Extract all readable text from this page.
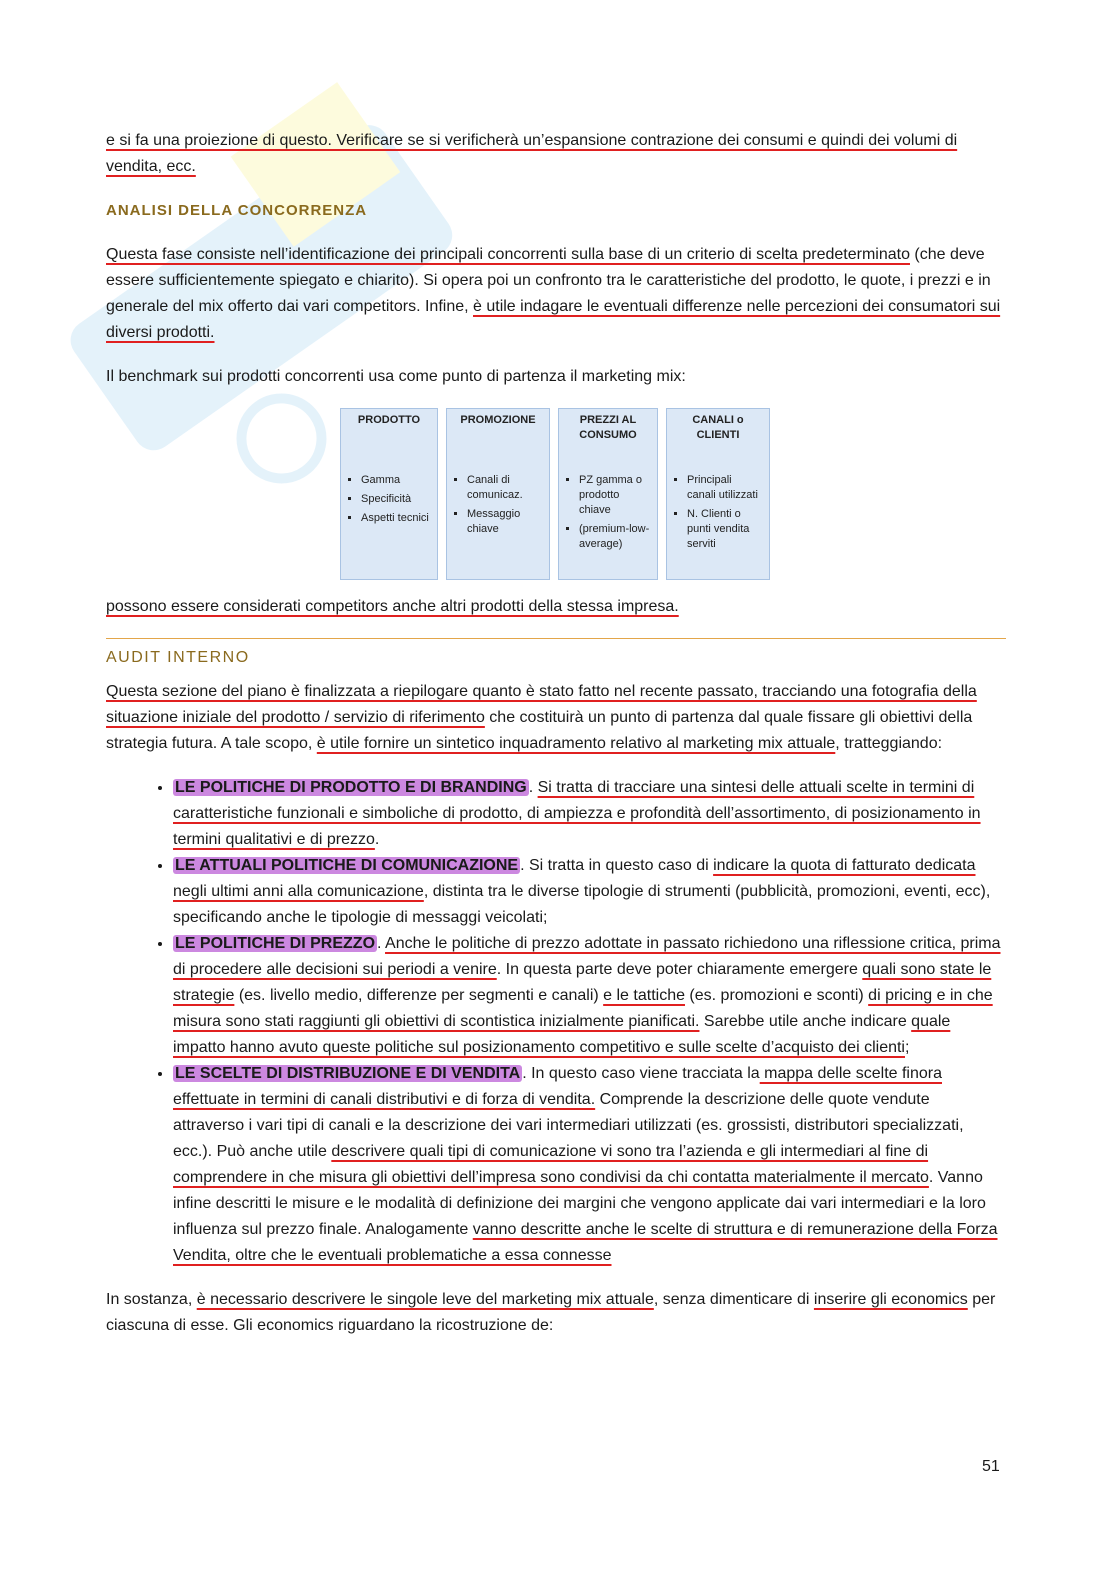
e si fa una proiezione di questo. Verificare se si verificherà un’espansione contrazione dei consumi e quindi dei volumi di vendita, ecc.

ANALISI DELLA CONCORRENZA

Questa fase consiste nell’identificazione dei principali concorrenti sulla base di un criterio di scelta predeterminato (che deve essere sufficientemente spiegato e chiarito). Si opera poi un confronto tra le caratteristiche del prodotto, le quote, i prezzi e in generale del mix offerto dai vari competitors. Infine, è utile indagare le eventuali differenze nelle percezioni dei consumatori sui diversi prodotti.

Il benchmark sui prodotti concorrenti usa come punto di partenza il marketing mix:

PRODOTTO
▪ Gamma
▪ Specificità
▪ Aspetti tecnici
PROMOZIONE
▪ Canali di comunicaz.
▪ Messaggio chiave
PREZZI AL CONSUMO
▪ PZ gamma o prodotto chiave
▪ (premium-low-average)
CANALI o CLIENTI
▪ Principali canali utilizzati
▪ N. Clienti o punti vendita serviti

possono essere considerati competitors anche altri prodotti della stessa impresa.

AUDIT INTERNO

Questa sezione del piano è finalizzata a riepilogare quanto è stato fatto nel recente passato, tracciando una fotografia della situazione iniziale del prodotto / servizio di riferimento che costituirà un punto di partenza dal quale fissare gli obiettivi della strategia futura. A tale scopo, è utile fornire un sintetico inquadramento relativo al marketing mix attuale, tratteggiando:

• LE POLITICHE DI PRODOTTO E DI BRANDING . Si tratta di tracciare una sintesi delle attuali scelte in termini di caratteristiche funzionali e simboliche di prodotto, di ampiezza e profondità dell’assortimento, di posizionamento in termini qualitativi e di prezzo.
• LE ATTUALI POLITICHE DI COMUNICAZIONE . Si tratta in questo caso di indicare la quota di fatturato dedicata negli ultimi anni alla comunicazione, distinta tra le diverse tipologie di strumenti (pubblicità, promozioni, eventi, ecc), specificando anche le tipologie di messaggi veicolati;
• LE POLITICHE DI PREZZO . Anche le politiche di prezzo adottate in passato richiedono una riflessione critica, prima di procedere alle decisioni sui periodi a venire. In questa parte deve poter chiaramente emergere quali sono state le strategie (es. livello medio, differenze per segmenti e canali) e le tattiche (es. promozioni e sconti) di pricing e in che misura sono stati raggiunti gli obiettivi di scontistica inizialmente pianificati. Sarebbe utile anche indicare quale impatto hanno avuto queste politiche sul posizionamento competitivo e sulle scelte d’acquisto dei clienti;
• LE SCELTE DI DISTRIBUZIONE E DI VENDITA . In questo caso viene tracciata la mappa delle scelte finora effettuate in termini di canali distributivi e di forza di vendita. Comprende la descrizione delle quote vendute attraverso i vari tipi di canali e la descrizione dei vari intermediari utilizzati (es. grossisti, distributori specializzati, ecc.). Può anche utile descrivere quali tipi di comunicazione vi sono tra l’azienda e gli intermediari al fine di comprendere in che misura gli obiettivi dell’impresa sono condivisi da chi contatta materialmente il mercato. Vanno infine descritti le misure e le modalità di definizione dei margini che vengono applicate dai vari intermediari e la loro influenza sul prezzo finale. Analogamente vanno descritte anche le scelte di struttura e di remunerazione della Forza Vendita, oltre che le eventuali problematiche a essa connesse

In sostanza, è necessario descrivere le singole leve del marketing mix attuale, senza dimenticare di inserire gli economics per ciascuna di esse. Gli economics riguardano la ricostruzione de:

51
